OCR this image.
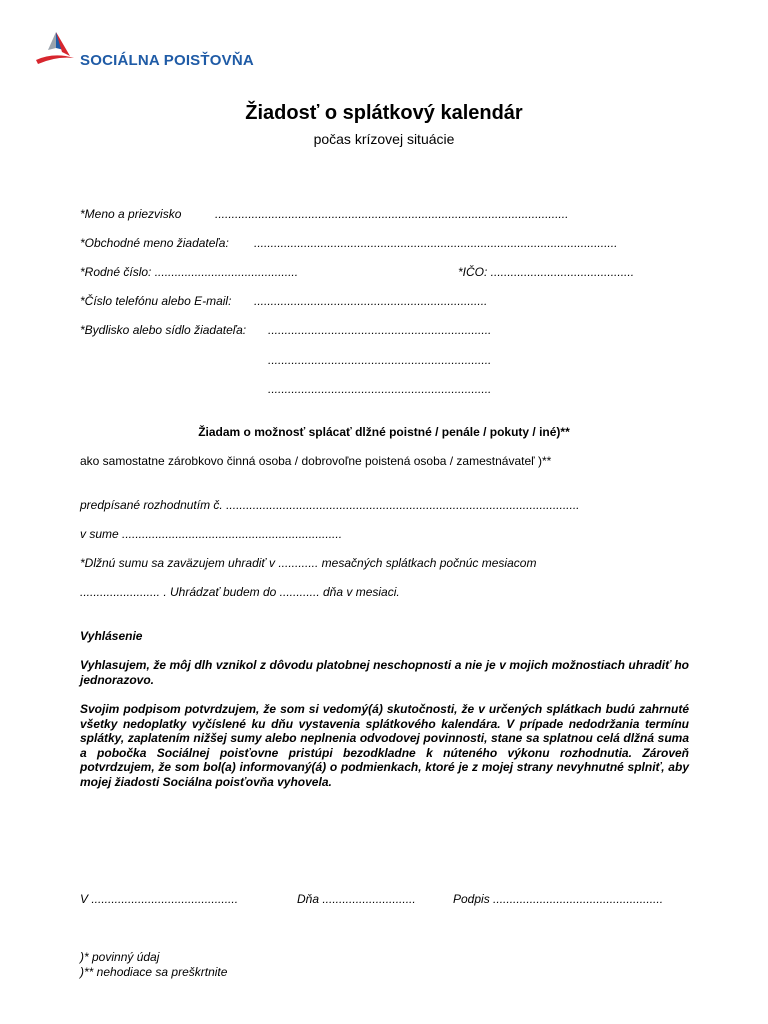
SOCIÁLNA POISŤOVŇA
Žiadosť o splátkový kalendár
počas krízovej situácie
*Meno a priezvisko	..........................................................................................................
*Obchodné meno žiadateľa: .............................................................................................................
*Rodné číslo: ...........................................	*IČO: ...........................................
*Číslo telefónu alebo E-mail: ......................................................................
*Bydlisko alebo sídlo žiadateľa: ...................................................................
...................................................................
...................................................................
Žiadam o možnosť splácať dlžné poistné / penále / pokuty / iné)**
ako samostatne zárobkovo činná osoba / dobrovoľne poistená osoba / zamestnávateľ )**
predpísané rozhodnutím č. ..........................................................................................................
v sume ..................................................................
*Dlžnú sumu sa zaväzujem uhradiť v ............ mesačných splátkach počnúc mesiacom
........................ . Uhrádzať budem do ............ dňa v mesiaci.
Vyhlásenie
Vyhlasujem, že môj dlh vznikol z dôvodu platobnej neschopnosti a nie je v mojich možnostiach uhradiť ho jednorazovo.
Svojim podpisom potvrdzujem, že som si vedomý(á) skutočnosti, že v určených splátkach budú zahrnuté všetky nedoplatky vyčíslené ku dňu vystavenia splátkového kalendára. V prípade nedodržania termínu splátky, zaplatením nižšej sumy alebo neplnenia odvodovej povinnosti, stane sa splatnou celá dlžná suma a pobočka Sociálnej poisťovne pristúpi bezodkladne k núteného výkonu rozhodnutia. Zároveň potvrdzujem, že som bol(a) informovaný(á) o podmienkach, ktoré je z mojej strany nevyhnutné splniť, aby mojej žiadosti Sociálna poisťovňa vyhovela.
V ............................................	Dňa ............................	Podpis ...................................................
)* povinný údaj
)** nehodiace sa preškrtnite
